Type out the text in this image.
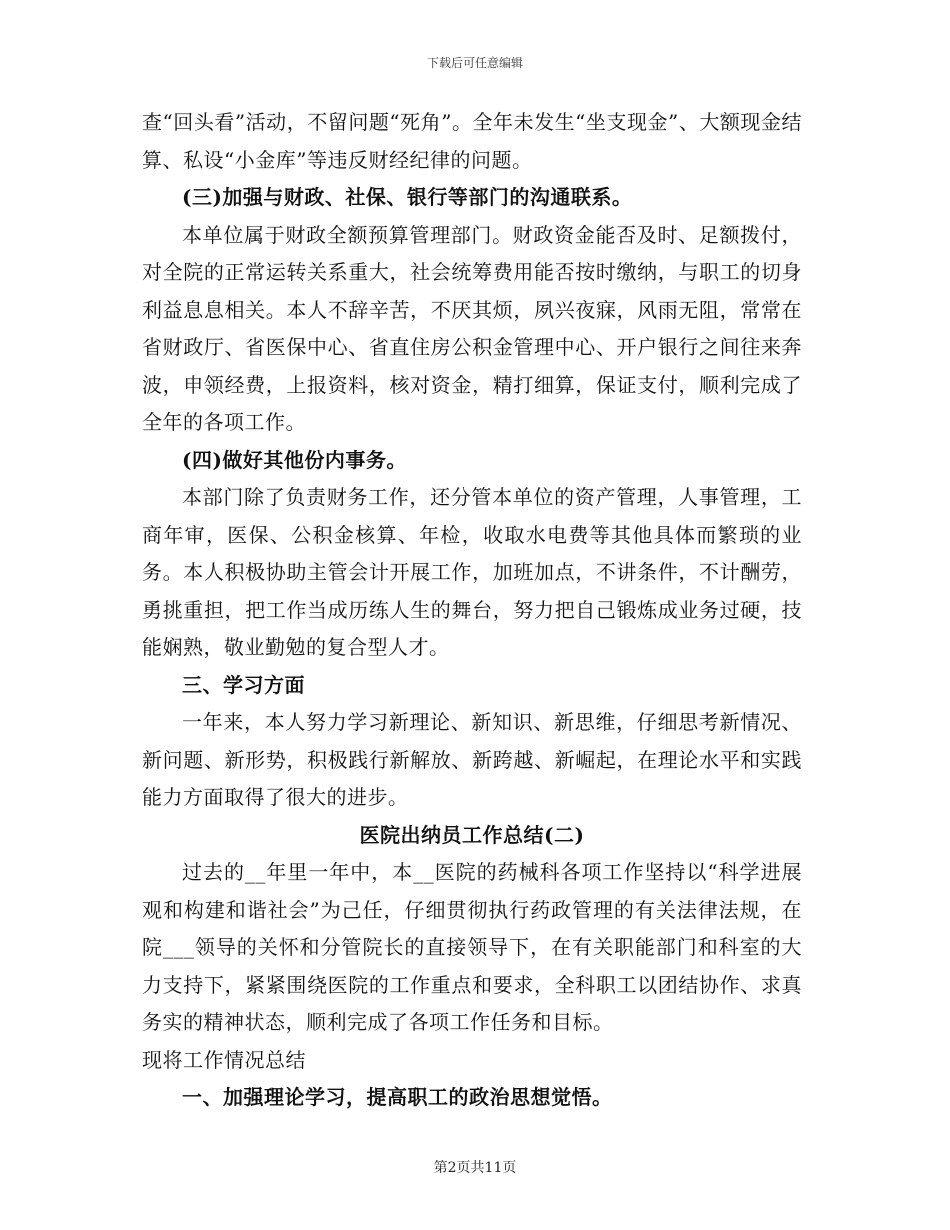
下载后可任意编辑

查“回头看”活动，不留问题“死角”。全年未发生“坐支现金”、大额现金结算、私设“小金库”等违反财经纪律的问题。

(三)加强与财政、社保、银行等部门的沟通联系。

本单位属于财政全额预算管理部门。财政资金能否及时、足额拨付，对全院的正常运转关系重大，社会统筹费用能否按时缴纳，与职工的切身利益息息相关。本人不辞辛苦，不厌其烦，夙兴夜寐，风雨无阻，常常在省财政厅、省医保中心、省直住房公积金管理中心、开户银行之间往来奔波，申领经费，上报资料，核对资金，精打细算，保证支付，顺利完成了全年的各项工作。

(四)做好其他份内事务。

本部门除了负责财务工作，还分管本单位的资产管理，人事管理，工商年审，医保、公积金核算、年检，收取水电费等其他具体而繁琐的业务。本人积极协助主管会计开展工作，加班加点，不讲条件，不计酬劳，勇挑重担，把工作当成历练人生的舞台，努力把自己锻炼成业务过硬，技能娴熟，敬业勤勉的复合型人才。

三、学习方面

一年来，本人努力学习新理论、新知识、新思维，仔细思考新情况、新问题、新形势，积极践行新解放、新跨越、新崛起，在理论水平和实践能力方面取得了很大的进步。

医院出纳员工作总结(二)

过去的__年里一年中，本__医院的药械科各项工作坚持以“科学进展观和构建和谐社会”为己任，仔细贯彻执行药政管理的有关法律法规，在院___领导的关怀和分管院长的直接领导下，在有关职能部门和科室的大力支持下，紧紧围绕医院的工作重点和要求，全科职工以团结协作、求真务实的精神状态，顺利完成了各项工作任务和目标。

现将工作情况总结

一、加强理论学习，提高职工的政治思想觉悟。

第2页共11页
